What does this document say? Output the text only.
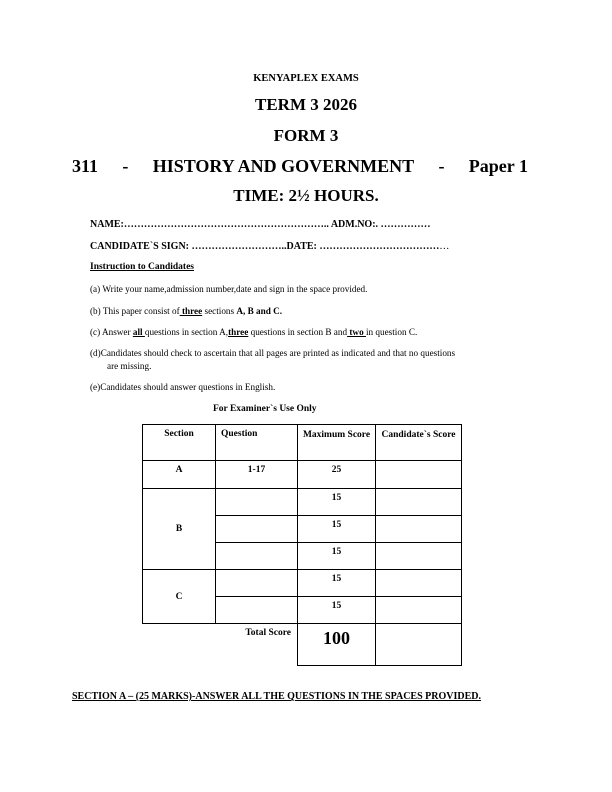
KENYAPLEX EXAMS
TERM 3 2026
FORM 3
311 - HISTORY AND GOVERNMENT - Paper 1
TIME: 2½ HOURS.
NAME:…………………………………………………….. ADM.NO:. ……………
CANDIDATE`S SIGN: ………………………..DATE: …………………………………
Instruction to Candidates
(a) Write your name,admission number,date and sign in the space provided.
(b) This paper consist of three sections A, B and C.
(c) Answer all questions in section A,three questions in section B and two in question C.
(d)Candidates should check to ascertain that all pages are printed as indicated and that no questions
are missing.
(e)Candidates should answer questions in English.
For Examiner`s Use Only
Section	Question	Maximum Score	Candidate`s Score
A	1-17	25	
B		15	
		15	
		15	
C		15	
		15	
	Total Score	100	
SECTION A – (25 MARKS)-ANSWER ALL THE QUESTIONS IN THE SPACES PROVIDED.
